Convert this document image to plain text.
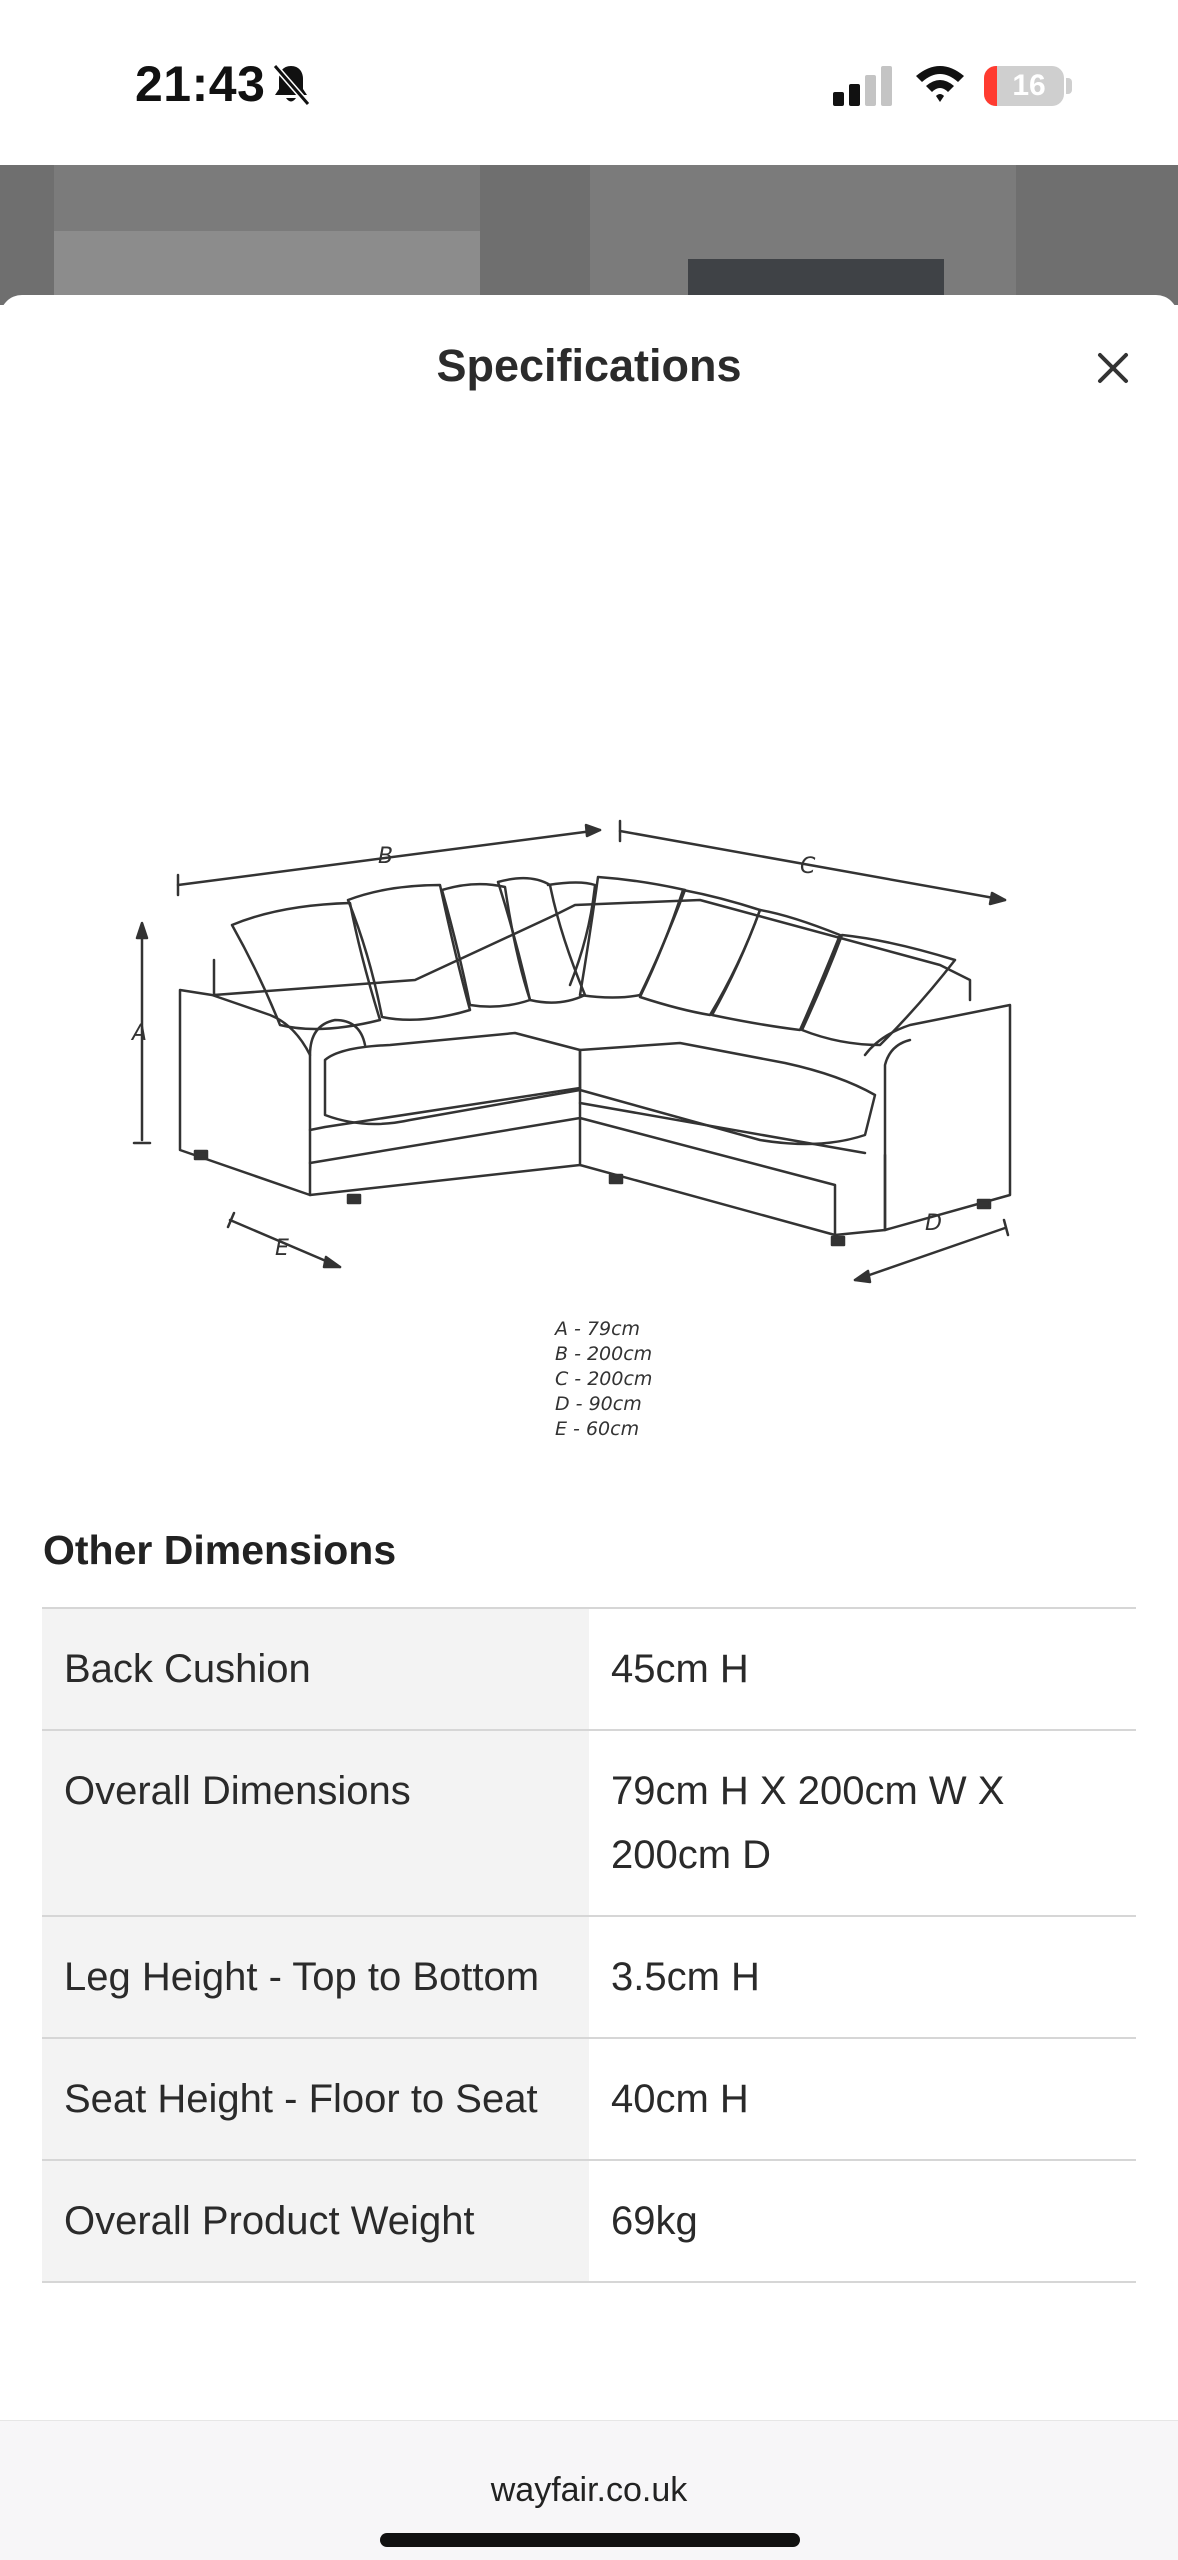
21:43	16
Specifications
B	C
A
E
D
A - 79cm
B - 200cm
C - 200cm
D - 90cm
E - 60cm
Other Dimensions
Back Cushion	45cm H
Overall Dimensions	79cm H X 200cm W X 200cm D
Leg Height - Top to Bottom	3.5cm H
Seat Height - Floor to Seat	40cm H
Overall Product Weight	69kg
wayfair.co.uk
